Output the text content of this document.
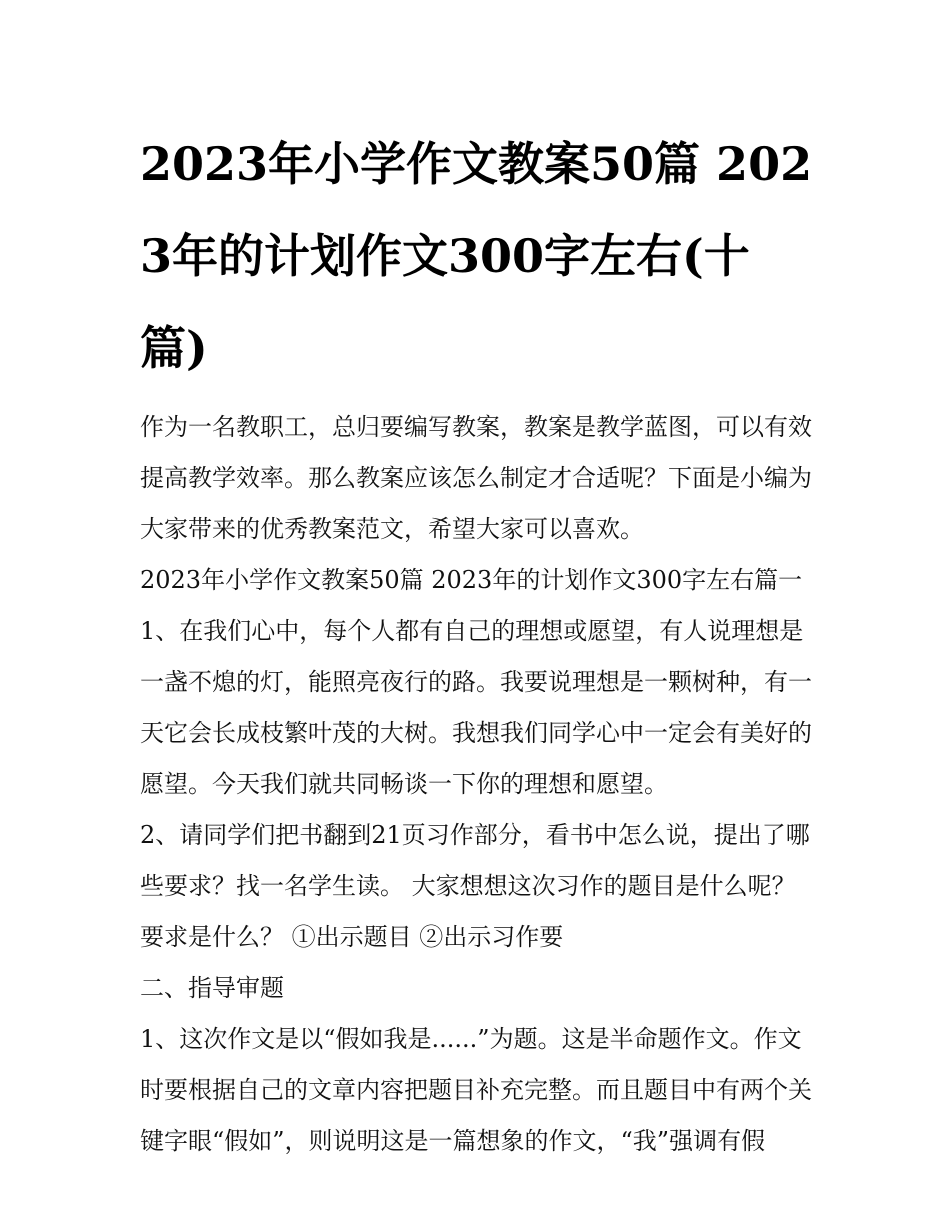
2023年小学作文教案50篇 2023年的计划作文300字左右(十篇)

作为一名教职工，总归要编写教案，教案是教学蓝图，可以有效提高教学效率。那么教案应该怎么制定才合适呢？下面是小编为大家带来的优秀教案范文，希望大家可以喜欢。

2023年小学作文教案50篇 2023年的计划作文300字左右篇一

1、在我们心中，每个人都有自己的理想或愿望，有人说理想是一盏不熄的灯，能照亮夜行的路。我要说理想是一颗树种，有一天它会长成枝繁叶茂的大树。我想我们同学心中一定会有美好的愿望。今天我们就共同畅谈一下你的理想和愿望。

2、请同学们把书翻到21页习作部分，看书中怎么说，提出了哪些要求？找一名学生读。 大家想想这次习作的题目是什么呢？要求是什么？ ①出示题目 ②出示习作要

二、指导审题

1、这次作文是以“假如我是......”为题。这是半命题作文。作文时要根据自己的文章内容把题目补充完整。而且题目中有两个关键字眼“假如”，则说明这是一篇想象的作文，“我”强调有假
